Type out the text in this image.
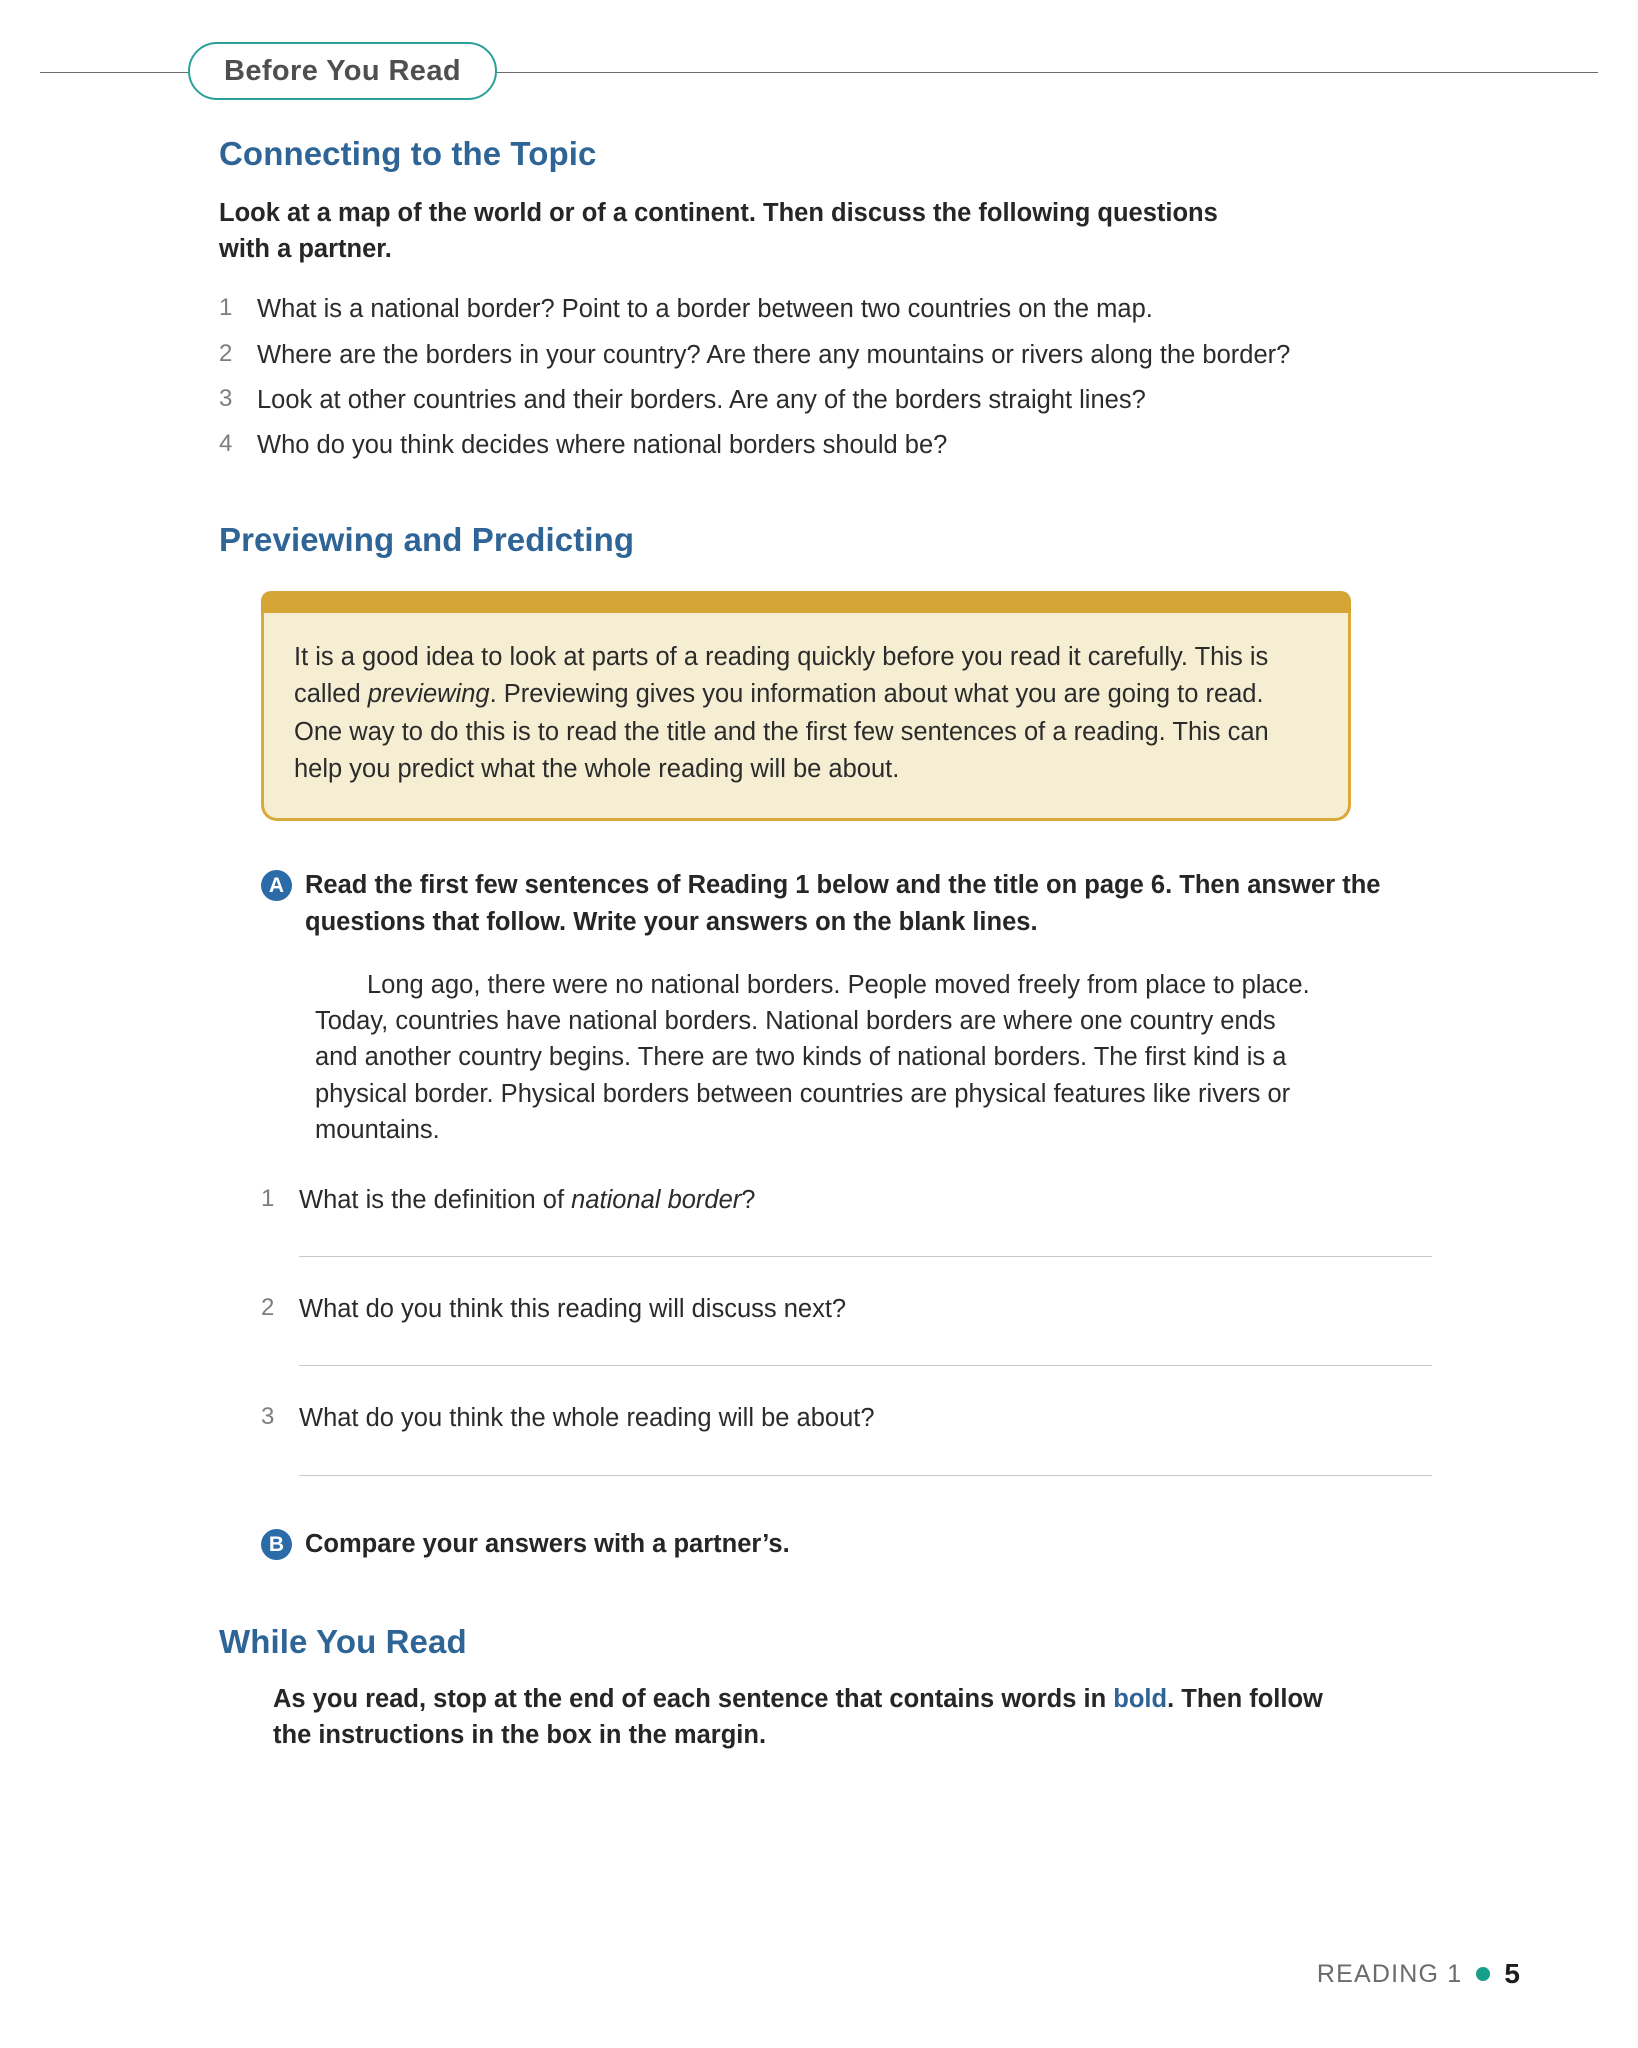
Before You Read
Connecting to the Topic

Look at a map of the world or of a continent. Then discuss the following questions with a partner.

1 What is a national border? Point to a border between two countries on the map.
2 Where are the borders in your country? Are there any mountains or rivers along the border?
3 Look at other countries and their borders. Are any of the borders straight lines?
4 Who do you think decides where national borders should be?
Previewing and Predicting
It is a good idea to look at parts of a reading quickly before you read it carefully. This is called previewing. Previewing gives you information about what you are going to read. One way to do this is to read the title and the first few sentences of a reading. This can help you predict what the whole reading will be about.
A Read the first few sentences of Reading 1 below and the title on page 6. Then answer the questions that follow. Write your answers on the blank lines.

Long ago, there were no national borders. People moved freely from place to place. Today, countries have national borders. National borders are where one country ends and another country begins. There are two kinds of national borders. The first kind is a physical border. Physical borders between countries are physical features like rivers or mountains.

1 What is the definition of national border?
2 What do you think this reading will discuss next?
3 What do you think the whole reading will be about?
B Compare your answers with a partner’s.
While You Read

As you read, stop at the end of each sentence that contains words in bold. Then follow the instructions in the box in the margin.

READING 1 5
